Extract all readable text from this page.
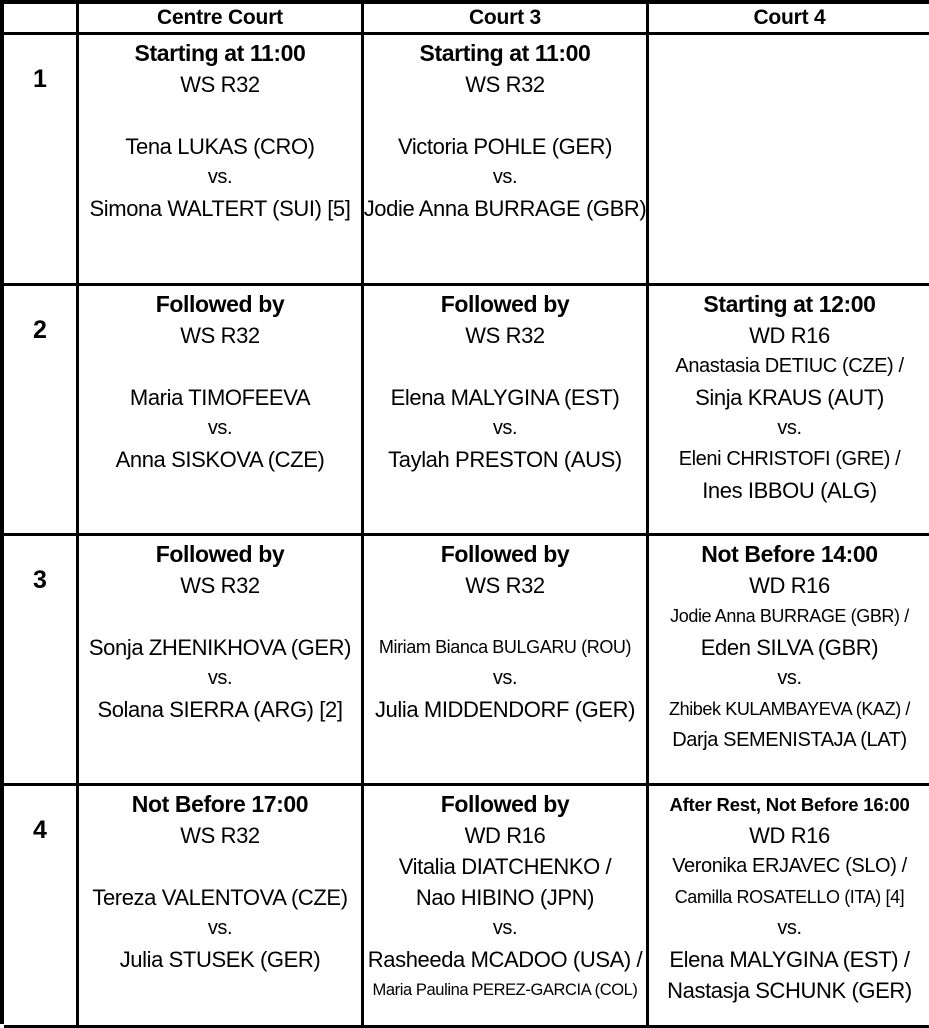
Centre Court	Court 3	Court 4
1
Starting at 11:00
WS R32
Tena LUKAS (CRO)
vs.
Simona WALTERT (SUI) [5]
Starting at 11:00
WS R32
Victoria POHLE (GER)
vs.
Jodie Anna BURRAGE (GBR)
2
Followed by
WS R32
Maria TIMOFEEVA
vs.
Anna SISKOVA (CZE)
Followed by
WS R32
Elena MALYGINA (EST)
vs.
Taylah PRESTON (AUS)
Starting at 12:00
WD R16
Anastasia DETIUC (CZE) /
Sinja KRAUS (AUT)
vs.
Eleni CHRISTOFI (GRE) /
Ines IBBOU (ALG)
3
Followed by
WS R32
Sonja ZHENIKHOVA (GER)
vs.
Solana SIERRA (ARG) [2]
Followed by
WS R32
Miriam Bianca BULGARU (ROU)
vs.
Julia MIDDENDORF (GER)
Not Before 14:00
WD R16
Jodie Anna BURRAGE (GBR) /
Eden SILVA (GBR)
vs.
Zhibek KULAMBAYEVA (KAZ) /
Darja SEMENISTAJA (LAT)
4
Not Before 17:00
WS R32
Tereza VALENTOVA (CZE)
vs.
Julia STUSEK (GER)
Followed by
WD R16
Vitalia DIATCHENKO /
Nao HIBINO (JPN)
vs.
Rasheeda MCADOO (USA) /
Maria Paulina PEREZ-GARCIA (COL)
After Rest, Not Before 16:00
WD R16
Veronika ERJAVEC (SLO) /
Camilla ROSATELLO (ITA) [4]
vs.
Elena MALYGINA (EST) /
Nastasja SCHUNK (GER)
